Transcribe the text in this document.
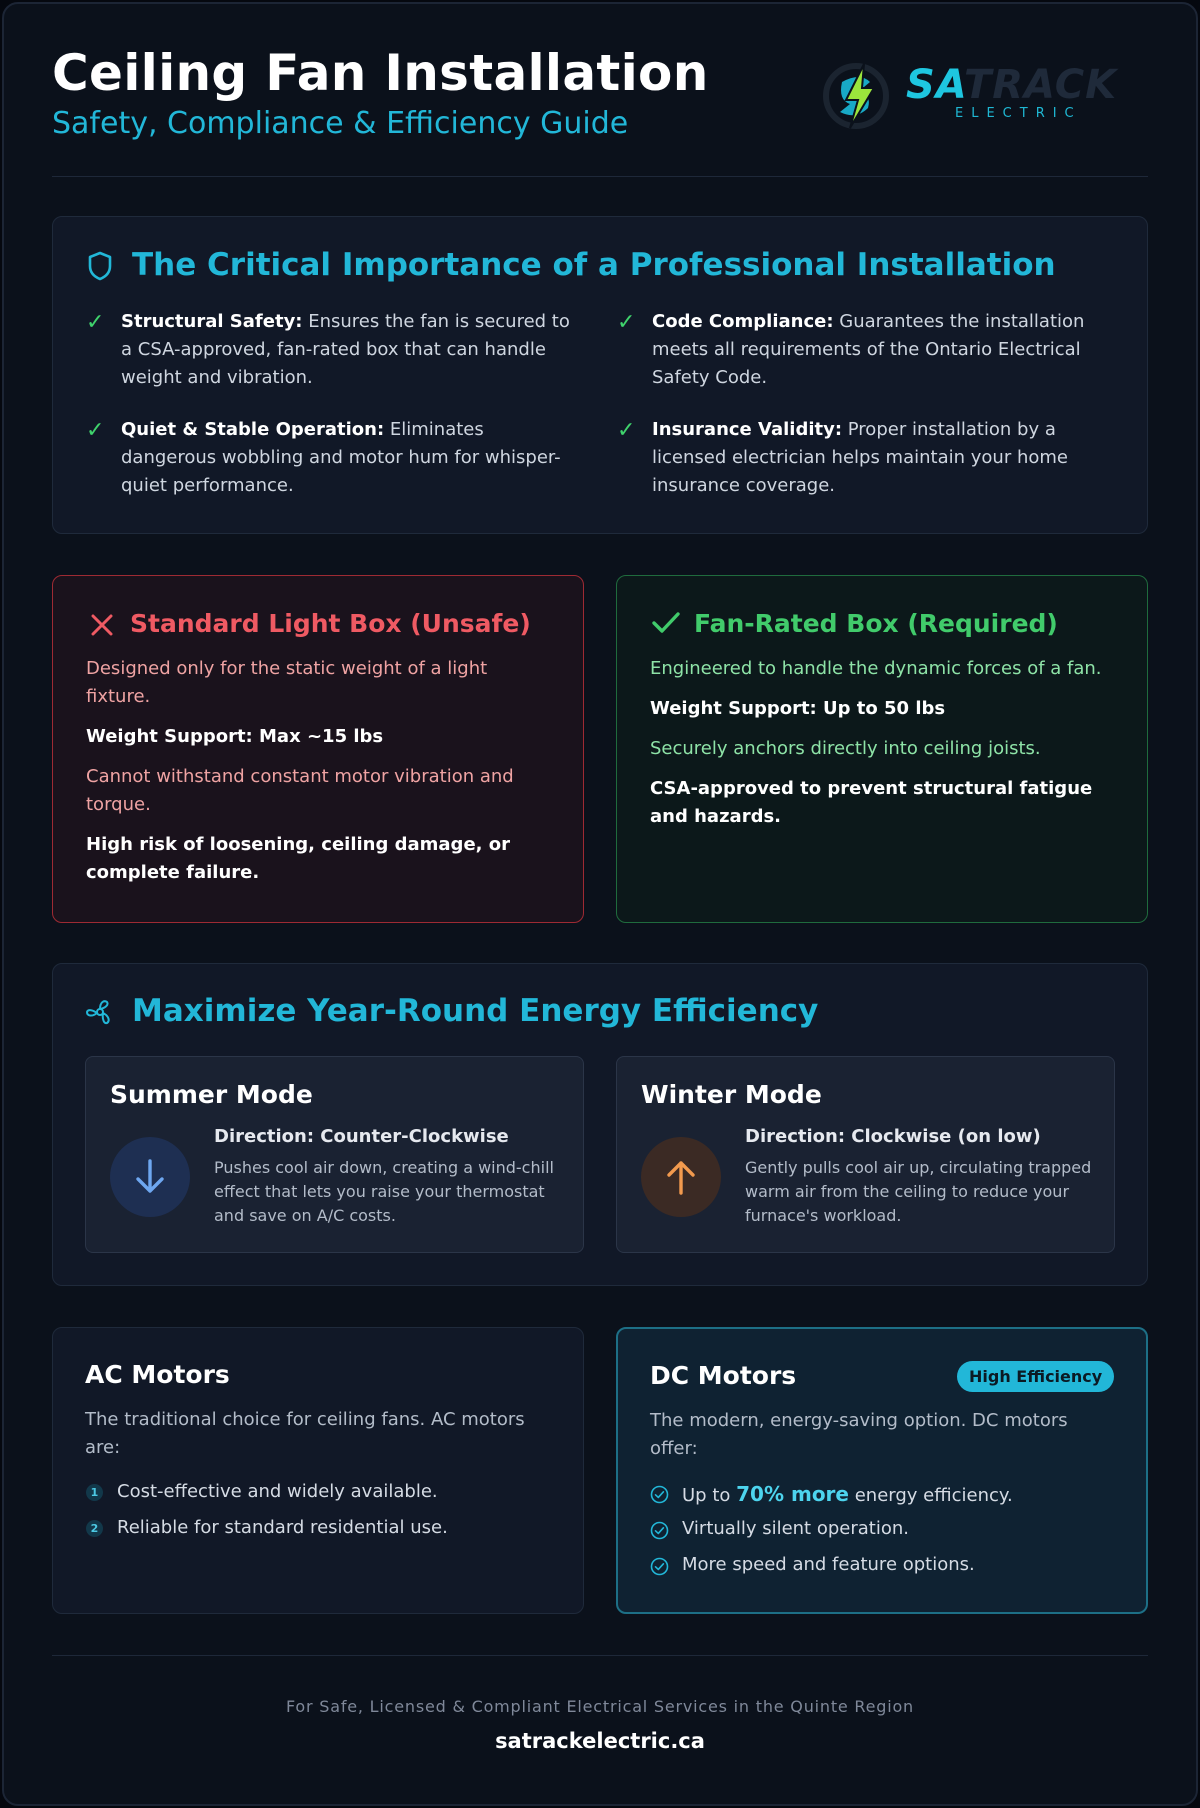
Ceiling Fan Installation
Safety, Compliance & Efficiency Guide
SATRACK
ELECTRIC
The Critical Importance of a Professional Installation
✓ Structural Safety: Ensures the fan is secured to a CSA-approved, fan-rated box that can handle weight and vibration.
✓ Code Compliance: Guarantees the installation meets all requirements of the Ontario Electrical Safety Code.
✓ Quiet & Stable Operation: Eliminates dangerous wobbling and motor hum for whisper-quiet performance.
✓ Insurance Validity: Proper installation by a licensed electrician helps maintain your home insurance coverage.
Standard Light Box (Unsafe)
Designed only for the static weight of a light fixture.
Weight Support: Max ~15 lbs
Cannot withstand constant motor vibration and torque.
High risk of loosening, ceiling damage, or complete failure.
Fan-Rated Box (Required)
Engineered to handle the dynamic forces of a fan.
Weight Support: Up to 50 lbs
Securely anchors directly into ceiling joists.
CSA-approved to prevent structural fatigue and hazards.
Maximize Year-Round Energy Efficiency
Summer Mode
Direction: Counter-Clockwise
Pushes cool air down, creating a wind-chill effect that lets you raise your thermostat and save on A/C costs.
Winter Mode
Direction: Clockwise (on low)
Gently pulls cool air up, circulating trapped warm air from the ceiling to reduce your furnace's workload.
AC Motors
The traditional choice for ceiling fans. AC motors are:
1 Cost-effective and widely available.
2 Reliable for standard residential use.
DC Motors	High Efficiency
The modern, energy-saving option. DC motors offer:
Up to 70% more energy efficiency.
Virtually silent operation.
More speed and feature options.
For Safe, Licensed & Compliant Electrical Services in the Quinte Region
satrackelectric.ca
